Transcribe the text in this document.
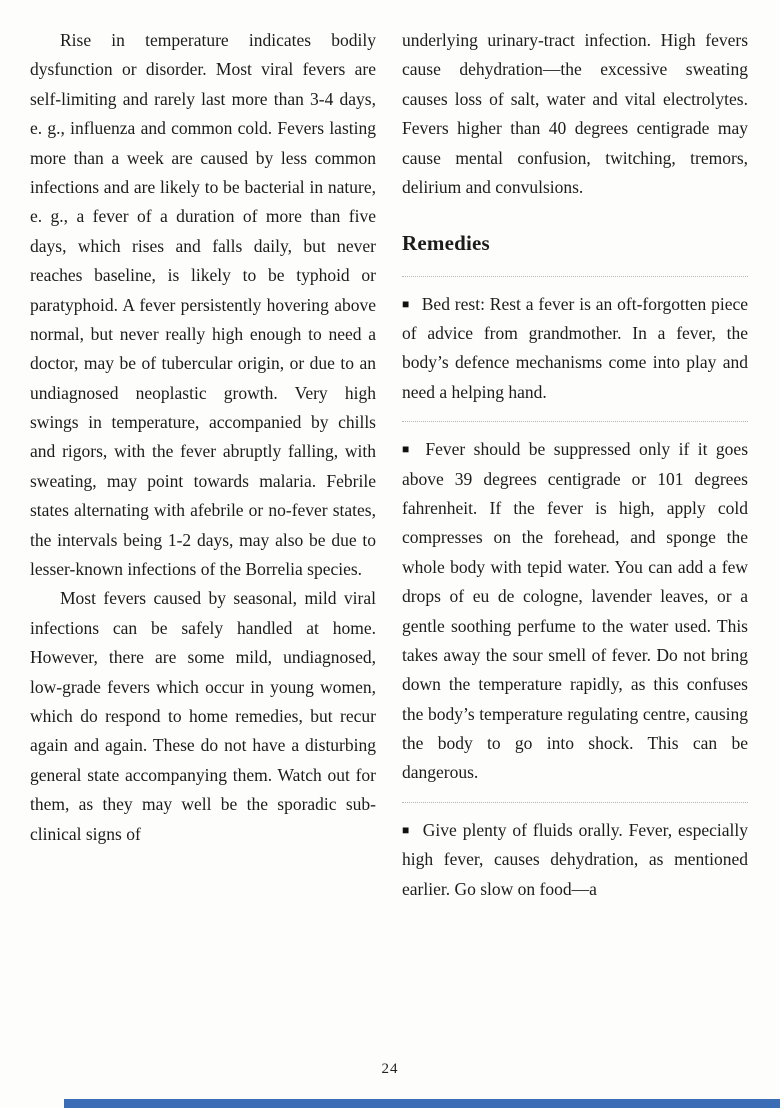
Rise in temperature indicates bodily dysfunction or disorder. Most viral fevers are self-limiting and rarely last more than 3-4 days, e. g., influenza and common cold. Fevers lasting more than a week are caused by less common infections and are likely to be bacterial in nature, e. g., a fever of a duration of more than five days, which rises and falls daily, but never reaches baseline, is likely to be typhoid or paratyphoid. A fever persistently hovering above normal, but never really high enough to need a doctor, may be of tubercular origin, or due to an undiagnosed neoplastic growth. Very high swings in temperature, accompanied by chills and rigors, with the fever abruptly falling, with sweating, may point towards malaria. Febrile states alternating with afebrile or no-fever states, the intervals being 1-2 days, may also be due to lesser-known infections of the Borrelia species.

Most fevers caused by seasonal, mild viral infections can be safely handled at home. However, there are some mild, undiagnosed, low-grade fevers which occur in young women, which do respond to home remedies, but recur again and again. These do not have a disturbing general state accompanying them. Watch out for them, as they may well be the sporadic sub-clinical signs of

underlying urinary-tract infection. High fevers cause dehydration—the excessive sweating causes loss of salt, water and vital electrolytes. Fevers higher than 40 degrees centigrade may cause mental confusion, twitching, tremors, delirium and convulsions.

Remedies

■ Bed rest: Rest a fever is an oft-forgotten piece of advice from grandmother. In a fever, the body’s defence mechanisms come into play and need a helping hand.

■ Fever should be suppressed only if it goes above 39 degrees centigrade or 101 degrees fahrenheit. If the fever is high, apply cold compresses on the forehead, and sponge the whole body with tepid water. You can add a few drops of eu de cologne, lavender leaves, or a gentle soothing perfume to the water used. This takes away the sour smell of fever. Do not bring down the temperature rapidly, as this confuses the body’s temperature regulating centre, causing the body to go into shock. This can be dangerous.

■ Give plenty of fluids orally. Fever, especially high fever, causes dehydration, as mentioned earlier. Go slow on food—a

24
